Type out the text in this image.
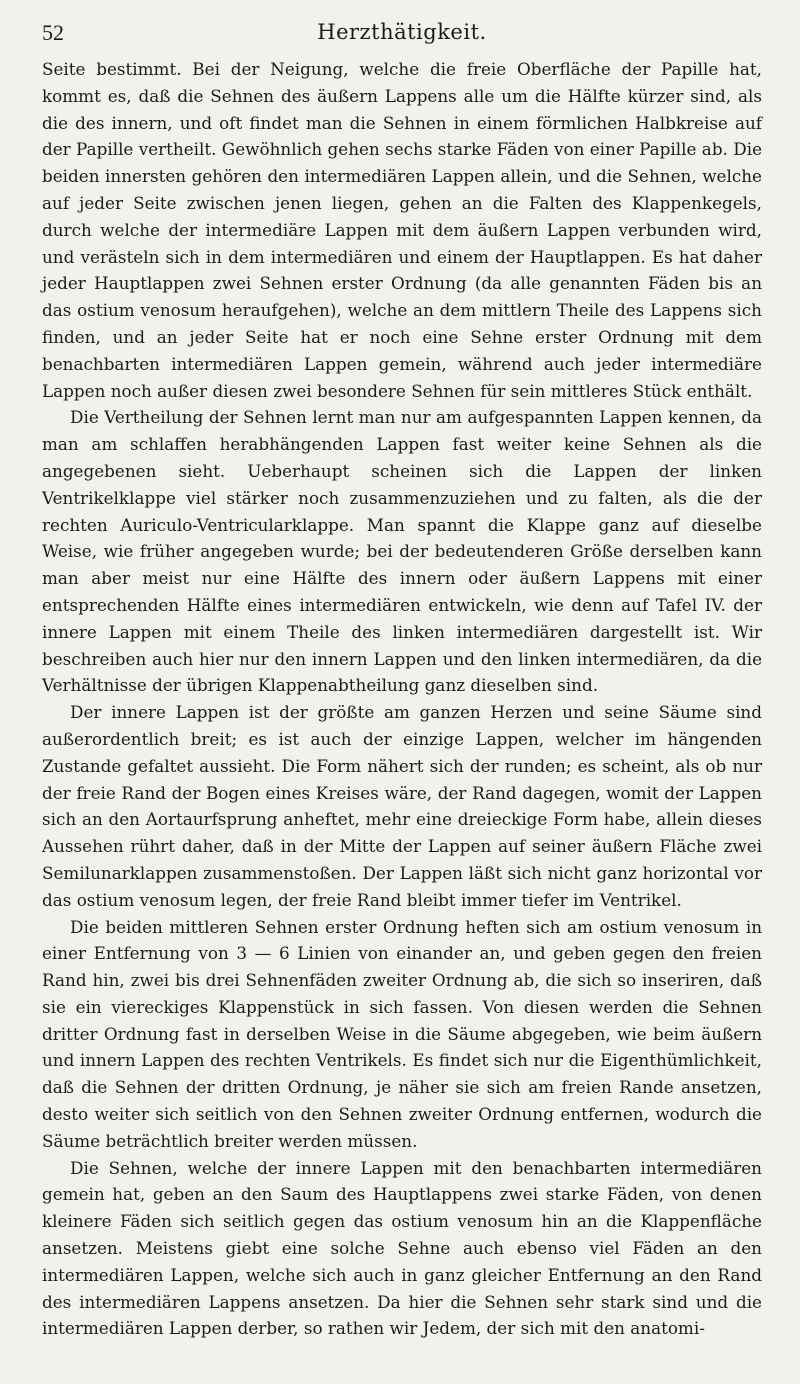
52	Herzthätigkeit.

Seite bestimmt. Bei der Neigung, welche die freie Oberfläche der Papille hat, kommt es, daß die Sehnen des äußern Lappens alle um die Hälfte kürzer sind, als die des innern, und oft findet man die Sehnen in einem förmlichen Halbkreise auf der Papille vertheilt. Gewöhnlich gehen sechs starke Fäden von einer Papille ab. Die beiden innersten gehören den intermediären Lappen allein, und die Sehnen, welche auf jeder Seite zwischen jenen liegen, gehen an die Falten des Klappenkegels, durch welche der intermediäre Lappen mit dem äußern Lappen verbunden wird, und verästeln sich in dem intermediären und einem der Hauptlappen. Es hat daher jeder Hauptlappen zwei Sehnen erster Ordnung (da alle genannten Fäden bis an das ostium venosum heraufgehen), welche an dem mittlern Theile des Lappens sich finden, und an jeder Seite hat er noch eine Sehne erster Ordnung mit dem benachbarten intermediären Lappen gemein, während auch jeder intermediäre Lappen noch außer diesen zwei besondere Sehnen für sein mittleres Stück enthält.

Die Vertheilung der Sehnen lernt man nur am aufgespannten Lappen kennen, da man am schlaffen herabhängenden Lappen fast weiter keine Sehnen als die angegebenen sieht. Ueberhaupt scheinen sich die Lappen der linken Ventrikelklappe viel stärker noch zusammenzuziehen und zu falten, als die der rechten Auriculo-Ventricularklappe. Man spannt die Klappe ganz auf dieselbe Weise, wie früher angegeben wurde; bei der bedeutenderen Größe derselben kann man aber meist nur eine Hälfte des innern oder äußern Lappens mit einer entsprechenden Hälfte eines intermediären entwickeln, wie denn auf Tafel IV. der innere Lappen mit einem Theile des linken intermediären dargestellt ist. Wir beschreiben auch hier nur den innern Lappen und den linken intermediären, da die Verhältnisse der übrigen Klappenabtheilung ganz dieselben sind.

Der innere Lappen ist der größte am ganzen Herzen und seine Säume sind außerordentlich breit; es ist auch der einzige Lappen, welcher im hängenden Zustande gefaltet aussieht. Die Form nähert sich der runden; es scheint, als ob nur der freie Rand der Bogen eines Kreises wäre, der Rand dagegen, womit der Lappen sich an den Aortaurfsprung anheftet, mehr eine dreieckige Form habe, allein dieses Aussehen rührt daher, daß in der Mitte der Lappen auf seiner äußern Fläche zwei Semilunarklappen zusammenstoßen. Der Lappen läßt sich nicht ganz horizontal vor das ostium venosum legen, der freie Rand bleibt immer tiefer im Ventrikel.

Die beiden mittleren Sehnen erster Ordnung heften sich am ostium venosum in einer Entfernung von 3 — 6 Linien von einander an, und geben gegen den freien Rand hin, zwei bis drei Sehnenfäden zweiter Ordnung ab, die sich so inseriren, daß sie ein viereckiges Klappenstück in sich fassen. Von diesen werden die Sehnen dritter Ordnung fast in derselben Weise in die Säume abgegeben, wie beim äußern und innern Lappen des rechten Ventrikels. Es findet sich nur die Eigenthümlichkeit, daß die Sehnen der dritten Ordnung, je näher sie sich am freien Rande ansetzen, desto weiter sich seitlich von den Sehnen zweiter Ordnung entfernen, wodurch die Säume beträchtlich breiter werden müssen.

Die Sehnen, welche der innere Lappen mit den benachbarten intermediären gemein hat, geben an den Saum des Hauptlappens zwei starke Fäden, von denen kleinere Fäden sich seitlich gegen das ostium venosum hin an die Klappenfläche ansetzen. Meistens giebt eine solche Sehne auch ebenso viel Fäden an den intermediären Lappen, welche sich auch in ganz gleicher Entfernung an den Rand des intermediären Lappens ansetzen. Da hier die Sehnen sehr stark sind und die intermediären Lappen derber, so rathen wir Jedem, der sich mit den anatomi-
